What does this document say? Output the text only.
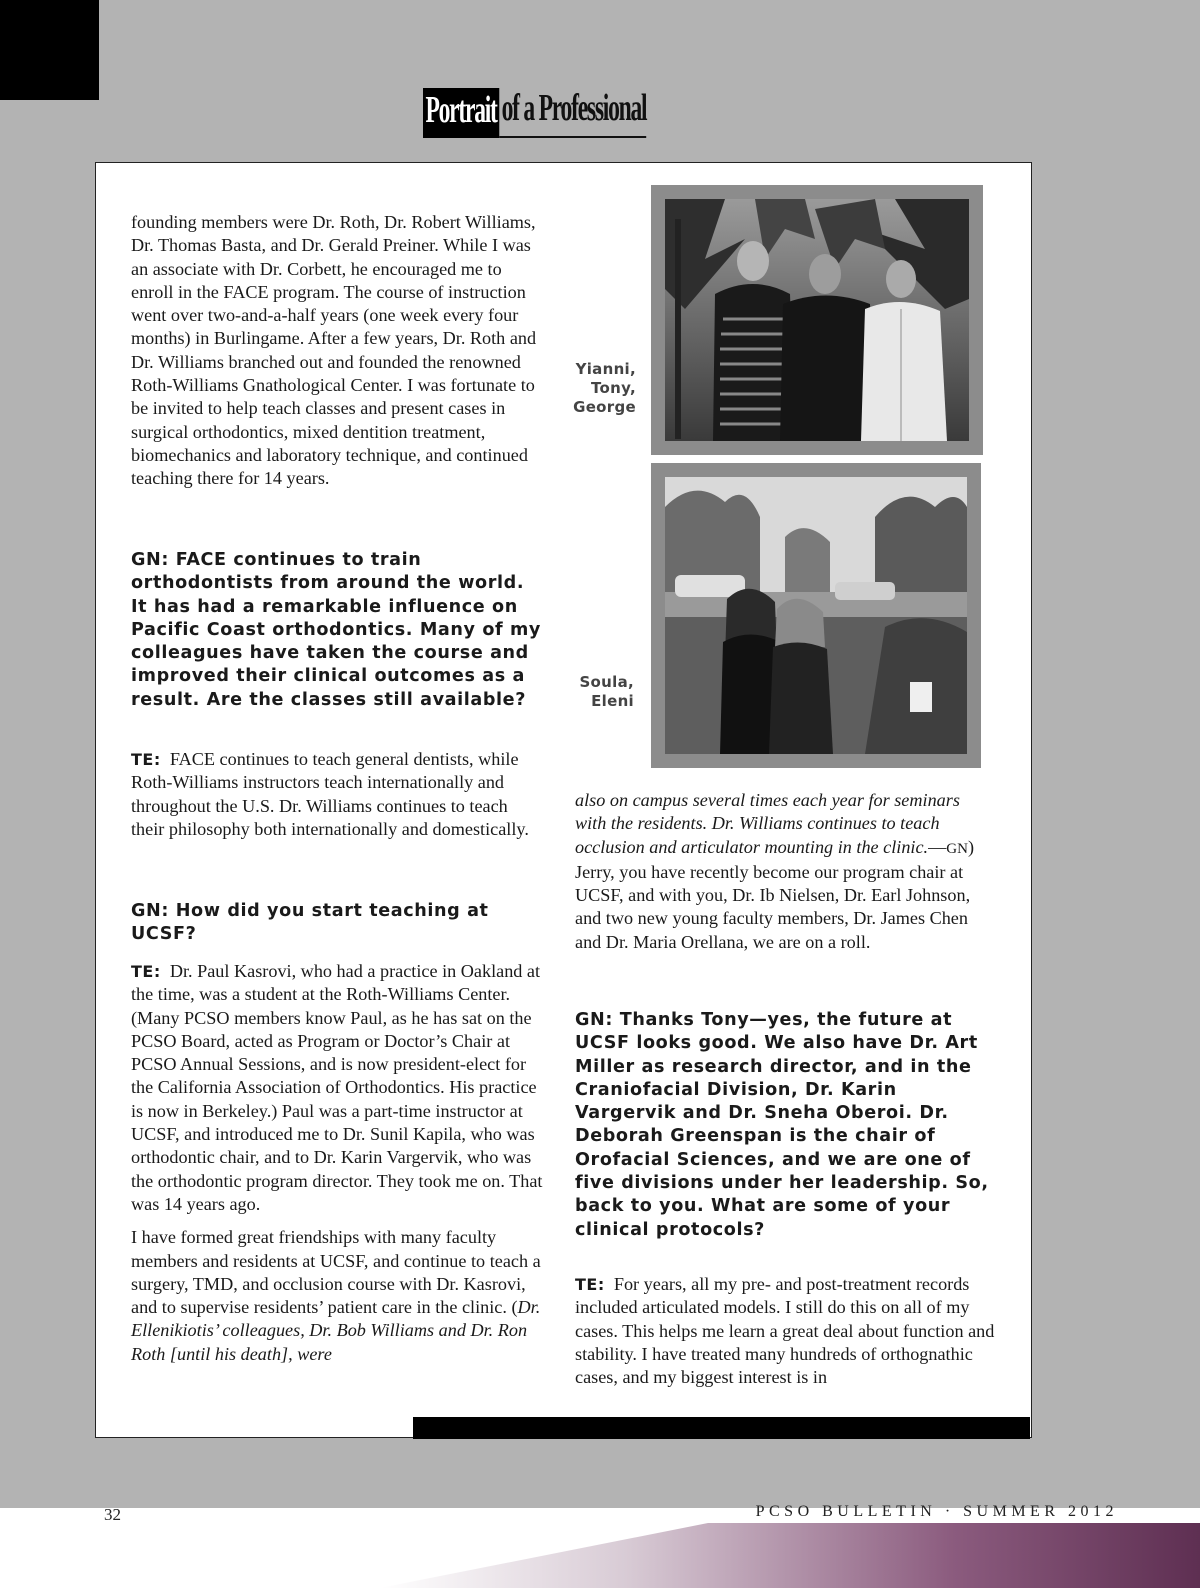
Portrait of a Professional

founding members were Dr. Roth, Dr. Robert Williams, Dr. Thomas Basta, and Dr. Gerald Preiner. While I was an associate with Dr. Corbett, he encouraged me to enroll in the FACE program. The course of instruction went over two-and-a-half years (one week every four months) in Burlingame. After a few years, Dr. Roth and Dr. Williams branched out and founded the renowned Roth-Williams Gnathological Center. I was fortunate to be invited to help teach classes and present cases in surgical orthodontics, mixed dentition treatment, biomechanics and laboratory technique, and continued teaching there for 14 years.

GN: FACE continues to train orthodontists from around the world. It has had a remarkable influence on Pacific Coast orthodontics. Many of my colleagues have taken the course and improved their clinical outcomes as a result. Are the classes still available?

TE: FACE continues to teach general dentists, while Roth-Williams instructors teach internationally and throughout the U.S. Dr. Williams continues to teach their philosophy both internationally and domestically.

GN: How did you start teaching at UCSF?

TE: Dr. Paul Kasrovi, who had a practice in Oakland at the time, was a student at the Roth-Williams Center. (Many PCSO members know Paul, as he has sat on the PCSO Board, acted as Program or Doctor’s Chair at PCSO Annual Sessions, and is now president-elect for the California Association of Orthodontics. His practice is now in Berkeley.) Paul was a part-time instructor at UCSF, and introduced me to Dr. Sunil Kapila, who was orthodontic chair, and to Dr. Karin Vargervik, who was the orthodontic program director. They took me on. That was 14 years ago.

I have formed great friendships with many faculty members and residents at UCSF, and continue to teach a surgery, TMD, and occlusion course with Dr. Kasrovi, and to supervise residents’ patient care in the clinic. (Dr. Ellenikiotis’ colleagues, Dr. Bob Williams and Dr. Ron Roth [until his death], were

Yianni, Tony, George
Soula, Eleni

also on campus several times each year for seminars with the residents. Dr. Williams continues to teach occlusion and articulator mounting in the clinic.—GN) Jerry, you have recently become our program chair at UCSF, and with you, Dr. Ib Nielsen, Dr. Earl Johnson, and two new young faculty members, Dr. James Chen and Dr. Maria Orellana, we are on a roll.

GN: Thanks Tony—yes, the future at UCSF looks good. We also have Dr. Art Miller as research director, and in the Craniofacial Division, Dr. Karin Vargervik and Dr. Sneha Oberoi. Dr. Deborah Greenspan is the chair of Orofacial Sciences, and we are one of five divisions under her leadership. So, back to you. What are some of your clinical protocols?

TE: For years, all my pre- and post-treatment records included articulated models. I still do this on all of my cases. This helps me learn a great deal about function and stability. I have treated many hundreds of orthognathic cases, and my biggest interest is in

32	PCSO BULLETIN · SUMMER 2012
